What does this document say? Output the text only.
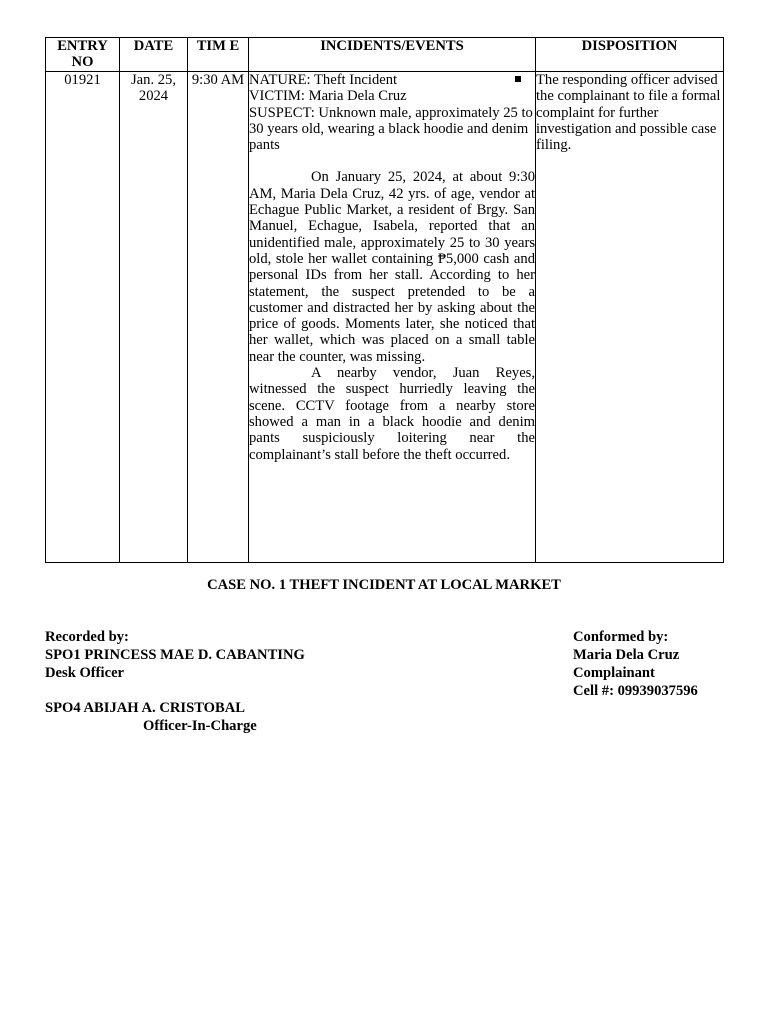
ENTRY NO	DATE	TIM E	INCIDENTS/EVENTS	DISPOSITION
01921	Jan. 25, 2024	9:30 AM	NATURE: Theft Incident
VICTIM: Maria Dela Cruz
SUSPECT: Unknown male, approximately 25 to 30 years old, wearing a black hoodie and denim pants

On January 25, 2024, at about 9:30 AM, Maria Dela Cruz, 42 yrs. of age, vendor at Echague Public Market, a resident of Brgy. San Manuel, Echague, Isabela, reported that an unidentified male, approximately 25 to 30 years old, stole her wallet containing ₱5,000 cash and personal IDs from her stall. According to her statement, the suspect pretended to be a customer and distracted her by asking about the price of goods. Moments later, she noticed that her wallet, which was placed on a small table near the counter, was missing.

A nearby vendor, Juan Reyes, witnessed the suspect hurriedly leaving the scene. CCTV footage from a nearby store showed a man in a black hoodie and denim pants suspiciously loitering near the complainant’s stall before the theft occurred.	The responding officer advised the complainant to file a formal complaint for further investigation and possible case filing.
CASE NO. 1 THEFT INCIDENT AT LOCAL MARKET
Recorded by:
SPO1 PRINCESS MAE D. CABANTING
Desk Officer
Conformed by:
Maria Dela Cruz
Complainant
Cell #: 09939037596
SPO4 ABIJAH A. CRISTOBAL
Officer-In-Charge
